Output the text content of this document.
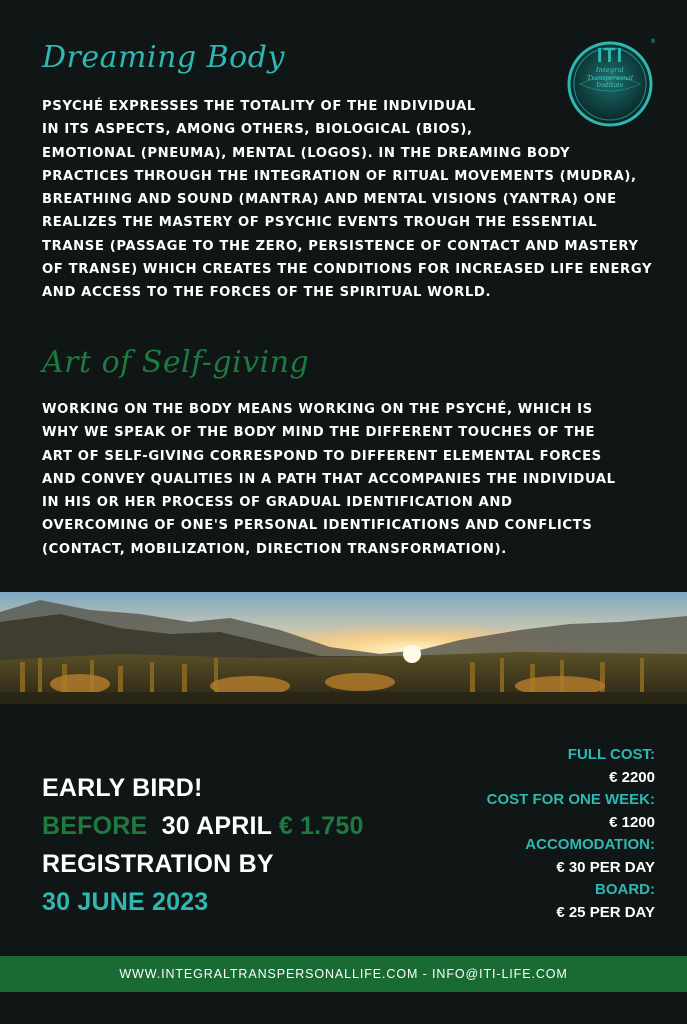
Dreaming Body
PSYCHÉ EXPRESSES THE TOTALITY OF THE INDIVIDUAL
IN ITS ASPECTS, AMONG OTHERS, BIOLOGICAL (BIOS),
EMOTIONAL (PNEUMA), MENTAL (LOGOS). IN THE DREAMING BODY
PRACTICES THROUGH THE INTEGRATION OF RITUAL MOVEMENTS (MUDRA),
BREATHING AND SOUND (MANTRA) AND MENTAL VISIONS (YANTRA) ONE
REALIZES THE MASTERY OF PSYCHIC EVENTS TROUGH THE ESSENTIAL
TRANSE (PASSAGE TO THE ZERO, PERSISTENCE OF CONTACT AND MASTERY
OF TRANSE) WHICH CREATES THE CONDITIONS FOR INCREASED LIFE ENERGY
AND ACCESS TO THE FORCES OF THE SPIRITUAL WORLD.
ITI
®
Integral
Transpersonal
Institute
Art of Self-giving
WORKING ON THE BODY MEANS WORKING ON THE PSYCHÉ, WHICH IS
WHY WE SPEAK OF THE BODY MIND THE DIFFERENT TOUCHES OF THE
ART OF SELF-GIVING CORRESPOND TO DIFFERENT ELEMENTAL FORCES
AND CONVEY QUALITIES IN A PATH THAT ACCOMPANIES THE INDIVIDUAL
IN HIS OR HER PROCESS OF GRADUAL IDENTIFICATION AND
OVERCOMING OF ONE'S PERSONAL IDENTIFICATIONS AND CONFLICTS
(CONTACT, MOBILIZATION, DIRECTION TRANSFORMATION).
EARLY BIRD!
BEFORE 30 APRIL € 1.750
REGISTRATION BY
30 JUNE 2023
FULL COST:
€ 2200
COST FOR ONE WEEK:
€ 1200
ACCOMODATION:
€ 30 PER DAY
BOARD:
€ 25 PER DAY
WWW.INTEGRALTRANSPERSONALLIFE.COM - INFO@ITI-LIFE.COM
